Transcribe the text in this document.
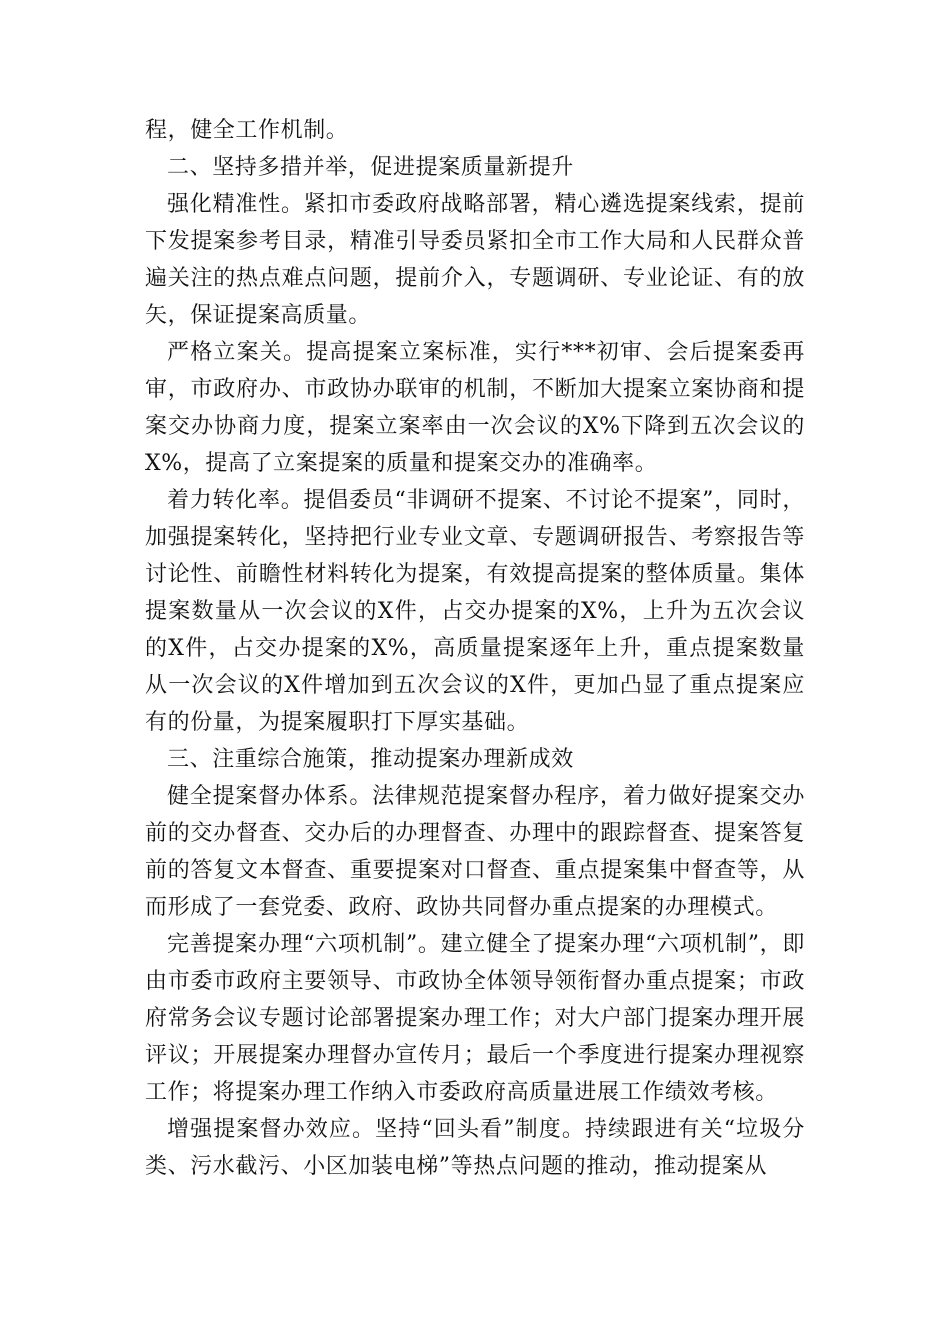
程，健全工作机制。

二、坚持多措并举，促进提案质量新提升

强化精准性。紧扣市委政府战略部署，精心遴选提案线索，提前下发提案参考目录，精准引导委员紧扣全市工作大局和人民群众普遍关注的热点难点问题，提前介入，专题调研、专业论证、有的放矢，保证提案高质量。

严格立案关。提高提案立案标准，实行***初审、会后提案委再审，市政府办、市政协办联审的机制，不断加大提案立案协商和提案交办协商力度，提案立案率由一次会议的X%下降到五次会议的X%，提高了立案提案的质量和提案交办的准确率。

着力转化率。提倡委员“非调研不提案、不讨论不提案”，同时，加强提案转化，坚持把行业专业文章、专题调研报告、考察报告等讨论性、前瞻性材料转化为提案，有效提高提案的整体质量。集体提案数量从一次会议的X件，占交办提案的X%，上升为五次会议的X件，占交办提案的X%，高质量提案逐年上升，重点提案数量从一次会议的X件增加到五次会议的X件，更加凸显了重点提案应有的份量，为提案履职打下厚实基础。

三、注重综合施策，推动提案办理新成效

健全提案督办体系。法律规范提案督办程序，着力做好提案交办前的交办督查、交办后的办理督查、办理中的跟踪督查、提案答复前的答复文本督查、重要提案对口督查、重点提案集中督查等，从而形成了一套党委、政府、政协共同督办重点提案的办理模式。

完善提案办理“六项机制”。建立健全了提案办理“六项机制”，即由市委市政府主要领导、市政协全体领导领衔督办重点提案；市政府常务会议专题讨论部署提案办理工作；对大户部门提案办理开展评议；开展提案办理督办宣传月；最后一个季度进行提案办理视察工作；将提案办理工作纳入市委政府高质量进展工作绩效考核。

增强提案督办效应。坚持“回头看”制度。持续跟进有关“垃圾分类、污水截污、小区加装电梯”等热点问题的推动，推动提案从
